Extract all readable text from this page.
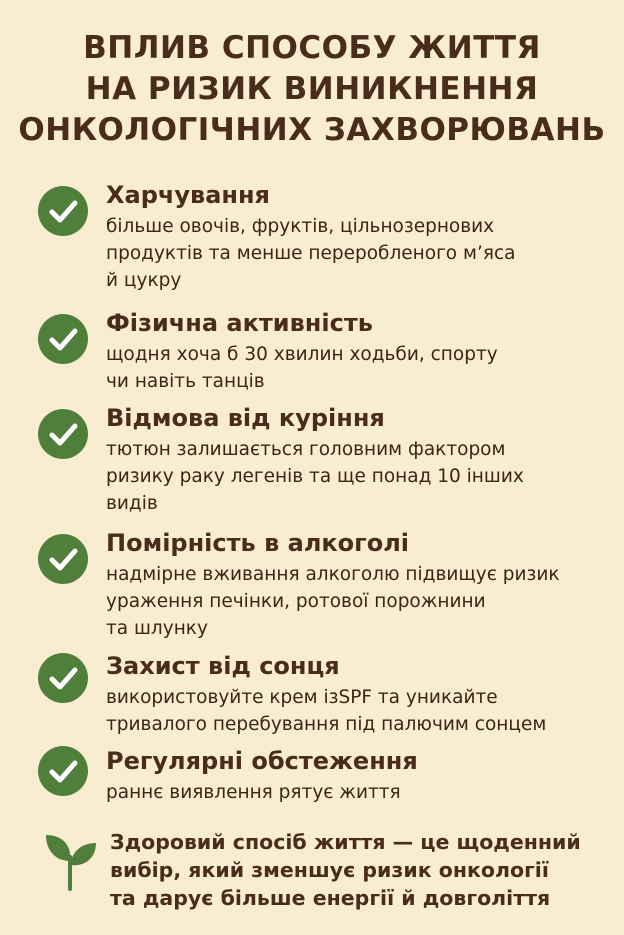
ВПЛИВ СПОСОБУ ЖИТТЯ
НА РИЗИК ВИНИКНЕННЯ
ОНКОЛОГІЧНИХ ЗАХВОРЮВАНЬ
Харчування
більше овочів, фруктів, цільнозернових
продуктів та менше переробленого м’яса
й цукру
Фізична активність
щодня хоча б 30 хвилин ходьби, спорту
чи навіть танців
Відмова від куріння
тютюн залишається головним фактором
ризику раку легенів та ще понад 10 інших
видів
Помірність в алкоголі
надмірне вживання алкоголю підвищує ризик
ураження печінки, ротової порожнини
та шлунку
Захист від сонця
використовуйте крем ізЅPF та уникайте
тривалого перебування під палючим сонцем
Регулярні обстеження
раннє виявлення рятує життя
Здоровий спосіб життя — це щоденний
вибір, який зменшує ризик онкології
та дарує більше енергії й довголіття
